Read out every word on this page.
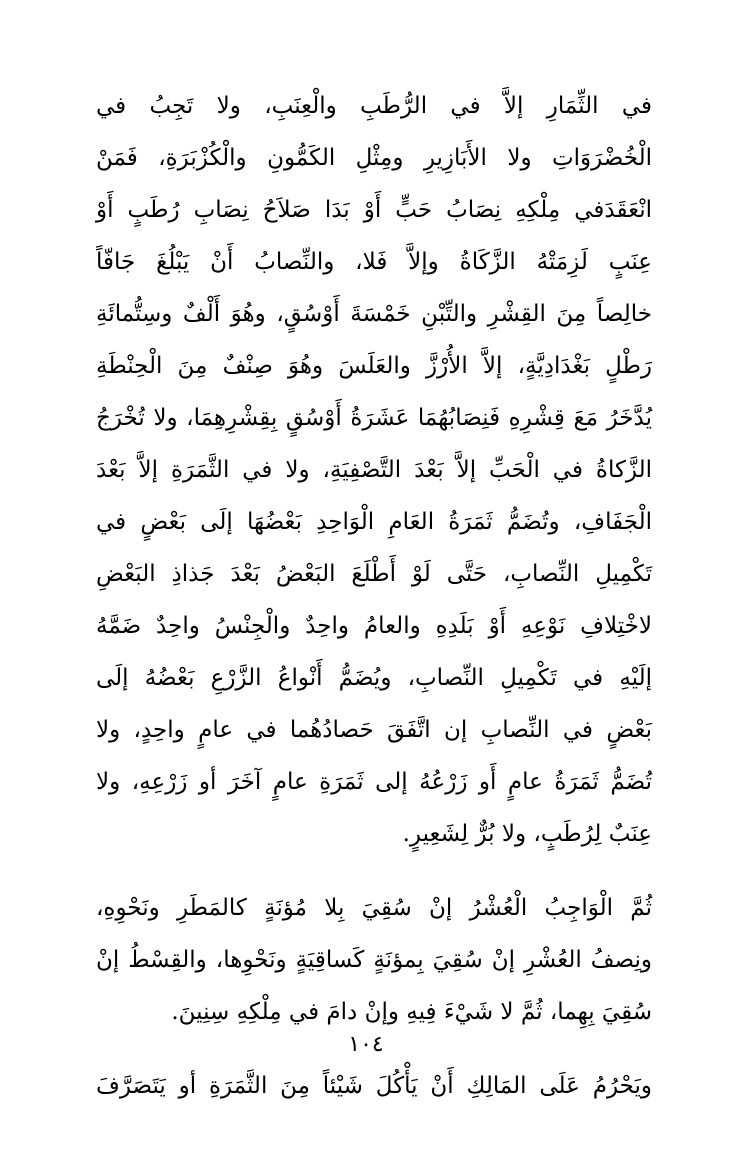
في الثِّمَارِ إلاَّ في الرُّطَبِ والْعِنَبِ، ولا تَجِبُ في
الْخُضْرَوَاتِ ولا الأَبَازِيرِ ومِثْلِ الكَمُّونِ والْكُزْبَرَةِ، فَمَنْ
انْعَقَدَفي مِلْكِهِ نِصَابُ حَبٍّ أَوْ بَدَا صَلاَحُ نِصَابِ رُطَبٍ أَوْ
عِنَبٍ لَزِمَتْهُ الزَّكَاةُ وإلاَّ فَلا، والنِّصابُ أَنْ يَبْلُغَ جَافّاً
خالِصاً مِنَ القِشْرِ والتِّبْنِ خَمْسَةَ أَوْسُقٍ، وهُوَ أَلْفٌ وسِتُّمائَةِ
رَطْلٍ بَغْدَادِيَّةٍ، إلاَّ الأُرْزَّ والعَلَسَ وهُوَ صِنْفٌ مِنَ الْحِنْطَةِ
يُدَّخَرُ مَعَ قِشْرِهِ فَنِصَابُهُمَا عَشَرَةُ أَوْسُقٍ بِقِشْرِهِمَا، ولا تُخْرَجُ
الزَّكاةُ في الْحَبِّ إلاَّ بَعْدَ التَّصْفِيَةِ، ولا في الثَّمَرَةِ إلاَّ بَعْدَ
الْجَفَافِ، وتُضَمُّ ثَمَرَةُ العَامِ الْوَاحِدِ بَعْضُهَا إلَى بَعْضٍ في
تَكْمِيلِ النِّصابِ، حَتَّى لَوْ أَطْلَعَ البَعْضُ بَعْدَ جَذاذِ البَعْضِ
لاخْتِلافِ نَوْعِهِ أَوْ بَلَدِهِ والعامُ واحِدٌ والْجِنْسُ واحِدٌ ضَمَّهُ
إلَيْهِ في تَكْمِيلِ النِّصابِ، ويُضَمُّ أَنْواعُ الزَّرْعِ بَعْضُهُ إلَى
بَعْضٍ في النِّصابِ إن اتَّفَقَ حَصادُهُما في عامٍ واحِدٍ، ولا
تُضَمُّ ثَمَرَةُ عامٍ أَو زَرْعُهُ إلى ثَمَرَةِ عامٍ آخَرَ أو زَرْعِهِ، ولا
عِنَبٌ لِرُطَبٍ، ولا بُرٌّ لِشَعِيرٍ.
ثُمَّ الْوَاجِبُ الْعُشْرُ إنْ سُقِيَ بِلا مُؤنَةٍ كالمَطَرِ ونَحْوِهِ،
ونِصفُ العُشْرِ إنْ سُقِيَ بِمؤنَةٍ كَساقِيَةٍ ونَحْوِها، والقِسْطُ إنْ
سُقِيَ بِهِما، ثُمَّ لا شَيْءَ فِيهِ وإنْ دامَ في مِلْكِهِ سِنِينَ.
ويَحْرُمُ عَلَى المَالِكِ أَنْ يَأْكُلَ شَيْئاً مِنَ الثَّمَرَةِ أو يَتَصَرَّفَ
١٠٤
